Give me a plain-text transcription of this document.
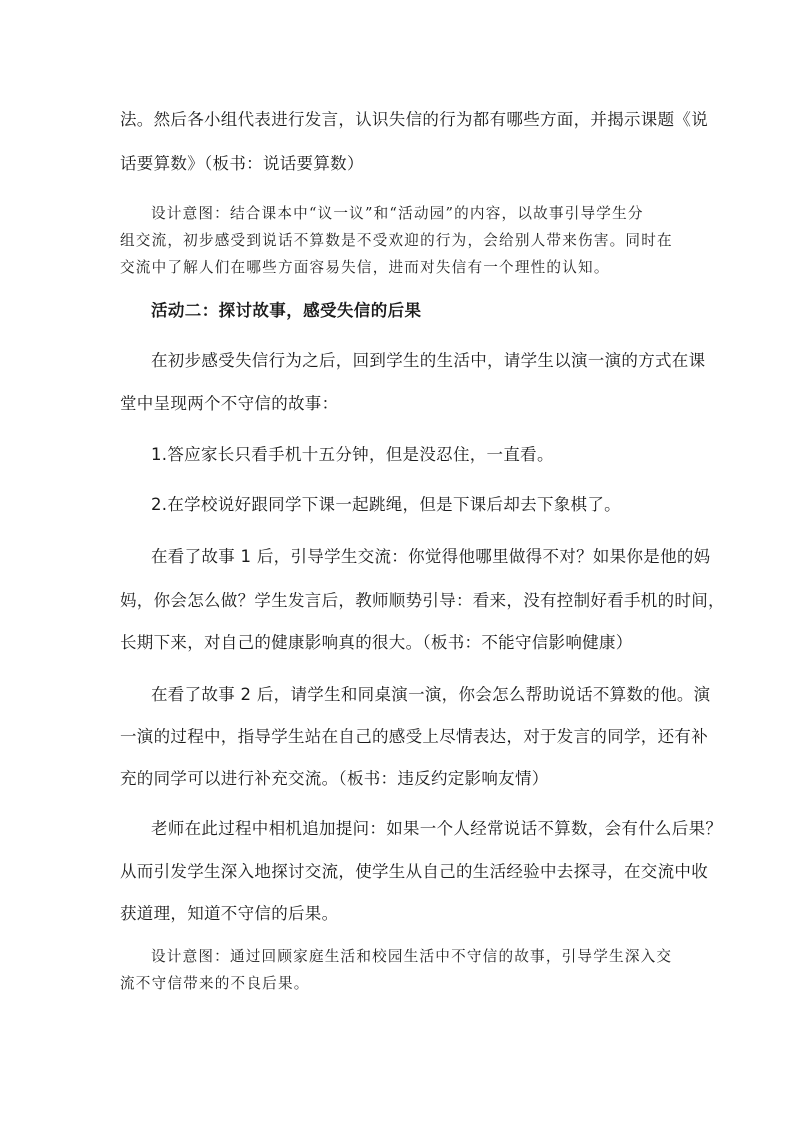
法。然后各小组代表进行发言，认识失信的行为都有哪些方面，并揭示课题《说
话要算数》（板书：说话要算数）
设计意图：结合课本中“议一议”和“活动园”的内容，以故事引导学生分
组交流，初步感受到说话不算数是不受欢迎的行为，会给别人带来伤害。同时在
交流中了解人们在哪些方面容易失信，进而对失信有一个理性的认知。
活动二：探讨故事，感受失信的后果
在初步感受失信行为之后，回到学生的生活中，请学生以演一演的方式在课
堂中呈现两个不守信的故事：
1.答应家长只看手机十五分钟，但是没忍住，一直看。
2.在学校说好跟同学下课一起跳绳，但是下课后却去下象棋了。
在看了故事 1 后，引导学生交流：你觉得他哪里做得不对？如果你是他的妈
妈，你会怎么做？学生发言后，教师顺势引导：看来，没有控制好看手机的时间，
长期下来，对自己的健康影响真的很大。（板书：不能守信影响健康）
在看了故事 2 后，请学生和同桌演一演，你会怎么帮助说话不算数的他。演
一演的过程中，指导学生站在自己的感受上尽情表达，对于发言的同学，还有补
充的同学可以进行补充交流。（板书：违反约定影响友情）
老师在此过程中相机追加提问：如果一个人经常说话不算数，会有什么后果？
从而引发学生深入地探讨交流，使学生从自己的生活经验中去探寻，在交流中收
获道理，知道不守信的后果。
设计意图：通过回顾家庭生活和校园生活中不守信的故事，引导学生深入交
流不守信带来的不良后果。
